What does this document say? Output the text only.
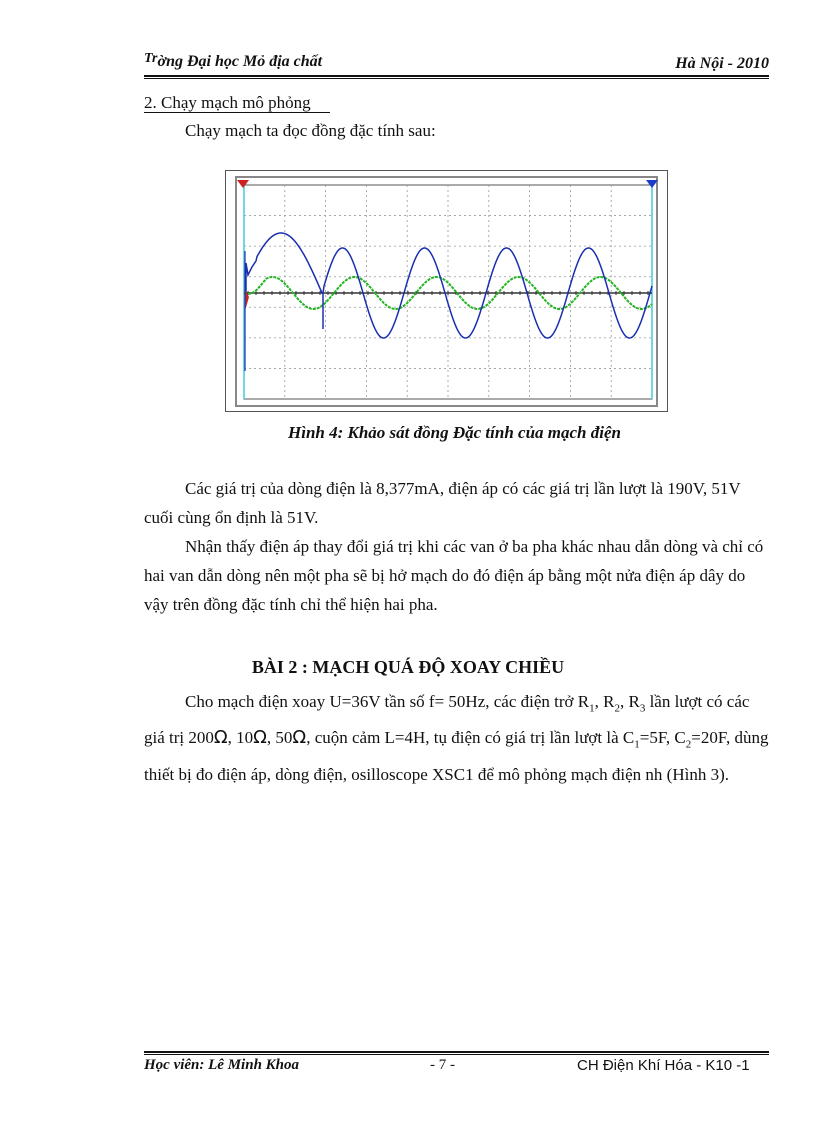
Trờng Đại học Mỏ địa chất	Hà Nội - 2010
2. Chạy mạch mô phỏng
Chạy mạch ta đọc đồng đặc tính sau:
Hình 4: Khảo sát đồng Đặc tính của mạch điện
Các giá trị của dòng điện là 8,377mA, điện áp có các giá trị lần lượt là 190V, 51V cuối cùng ổn định là 51V.
Nhận thấy điện áp thay đổi giá trị khi các van ở ba pha khác nhau dẫn dòng và chỉ có hai van dẫn dòng nên một pha sẽ bị hở mạch do đó điện áp bằng một nửa điện áp dây do vậy trên đồng đặc tính chỉ thể hiện hai pha.
BÀI 2 : MẠCH QUÁ ĐỘ XOAY CHIỀU
Cho mạch điện xoay U=36V tần số f= 50Hz, các điện trở $R_1$, $R_2$, $R_3$ lần lượt có các giá trị 200Ω, 10Ω, 50Ω, cuộn cảm L=4H, tụ điện có giá trị lần lượt là $C_1=5F$, $C_2=20F$, dùng thiết bị đo điện áp, dòng điện, osilloscope XSC1 để mô phỏng mạch điện nh (Hình 3).
Học viên: Lê Minh Khoa	- 7 -	CH Điện Khí Hóa - K10 -1
